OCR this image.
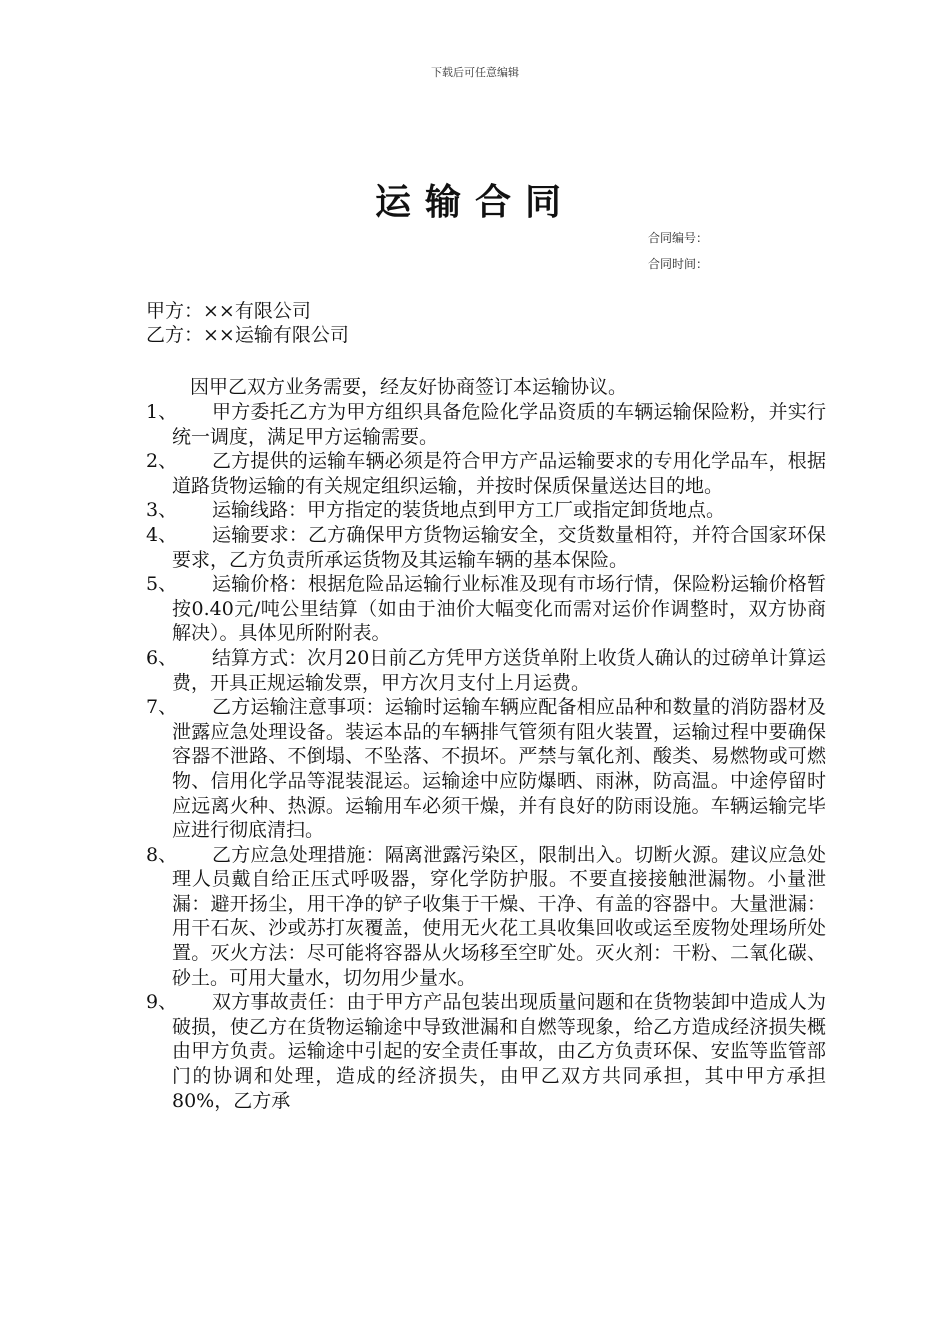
下载后可任意编辑
运输合同
合同编号：
合同时间：
甲方：××有限公司
乙方：××运输有限公司
因甲乙双方业务需要，经友好协商签订本运输协议。
1、	甲方委托乙方为甲方组织具备危险化学品资质的车辆运输保险粉，并实行统一调度，满足甲方运输需要。
2、	乙方提供的运输车辆必须是符合甲方产品运输要求的专用化学品车，根据道路货物运输的有关规定组织运输，并按时保质保量送达目的地。
3、	运输线路：甲方指定的装货地点到甲方工厂或指定卸货地点。
4、	运输要求：乙方确保甲方货物运输安全，交货数量相符，并符合国家环保要求，乙方负责所承运货物及其运输车辆的基本保险。
5、	运输价格：根据危险品运输行业标准及现有市场行情，保险粉运输价格暂按0.40元/吨公里结算（如由于油价大幅变化而需对运价作调整时，双方协商解决）。具体见所附附表。
6、	结算方式：次月20日前乙方凭甲方送货单附上收货人确认的过磅单计算运费，开具正规运输发票，甲方次月支付上月运费。
7、	乙方运输注意事项：运输时运输车辆应配备相应品种和数量的消防器材及泄露应急处理设备。装运本品的车辆排气管须有阻火装置，运输过程中要确保容器不泄路、不倒塌、不坠落、不损坏。严禁与氧化剂、酸类、易燃物或可燃物、信用化学品等混装混运。运输途中应防爆晒、雨淋，防高温。中途停留时应远离火种、热源。运输用车必须干燥，并有良好的防雨设施。车辆运输完毕应进行彻底清扫。
8、	乙方应急处理措施：隔离泄露污染区，限制出入。切断火源。建议应急处理人员戴自给正压式呼吸器，穿化学防护服。不要直接接触泄漏物。小量泄漏：避开扬尘，用干净的铲子收集于干燥、干净、有盖的容器中。大量泄漏：用干石灰、沙或苏打灰覆盖，使用无火花工具收集回收或运至废物处理场所处置。灭火方法：尽可能将容器从火场移至空旷处。灭火剂：干粉、二氧化碳、砂土。可用大量水，切勿用少量水。
9、	双方事故责任：由于甲方产品包装出现质量问题和在货物装卸中造成人为破损，使乙方在货物运输途中导致泄漏和自燃等现象，给乙方造成经济损失概由甲方负责。运输途中引起的安全责任事故，由乙方负责环保、安监等监管部门的协调和处理，造成的经济损失，由甲乙双方共同承担，其中甲方承担80%，乙方承
